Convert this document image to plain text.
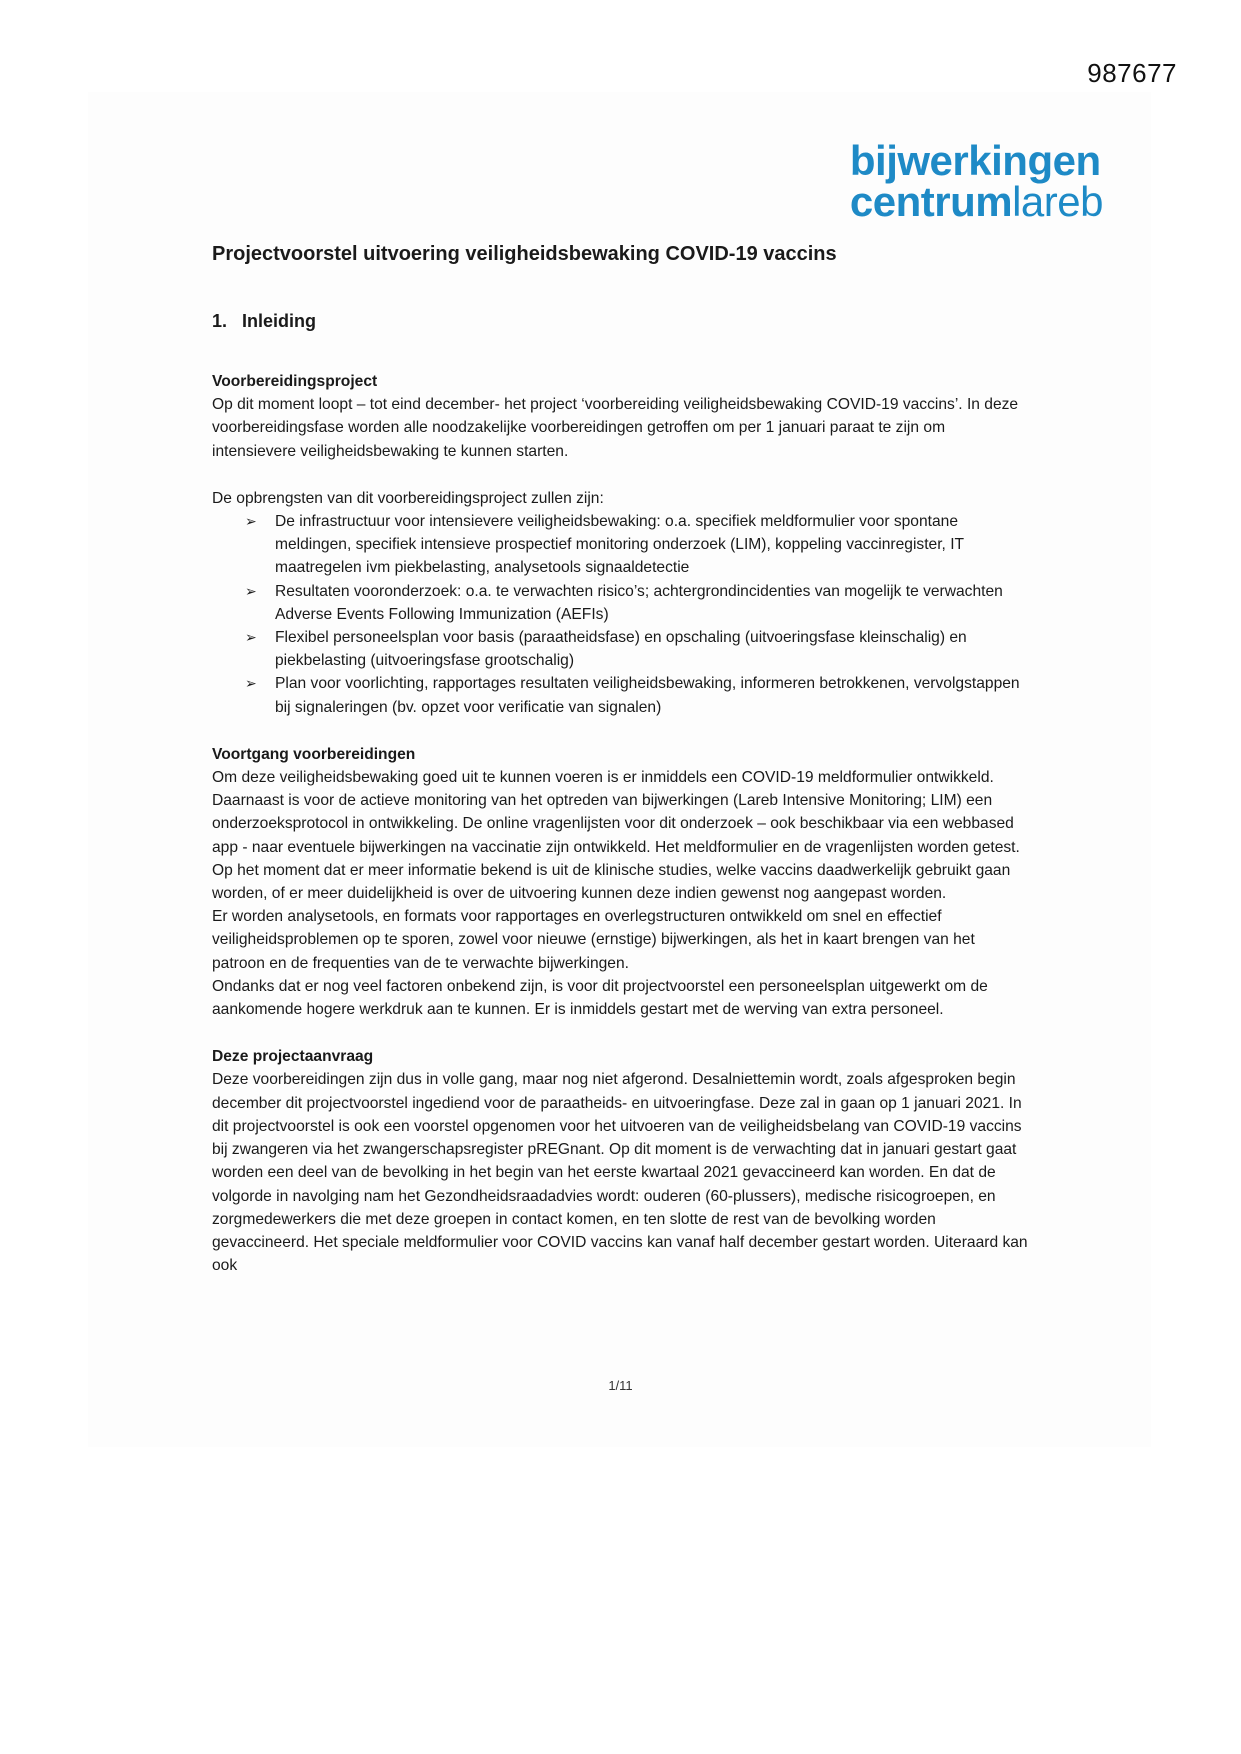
987677
bijwerkingen
centrumlareb
Projectvoorstel uitvoering veiligheidsbewaking COVID-19 vaccins
1. Inleiding
Voorbereidingsproject

Op dit moment loopt – tot eind december- het project ‘voorbereiding veiligheidsbewaking COVID-19 vaccins’. In deze voorbereidingsfase worden alle noodzakelijke voorbereidingen getroffen om per 1 januari paraat te zijn om intensievere veiligheidsbewaking te kunnen starten.

De opbrengsten van dit voorbereidingsproject zullen zijn:

➢ De infrastructuur voor intensievere veiligheidsbewaking: o.a. specifiek meldformulier voor spontane meldingen, specifiek intensieve prospectief monitoring onderzoek (LIM), koppeling vaccinregister, IT maatregelen ivm piekbelasting, analysetools signaaldetectie
➢ Resultaten vooronderzoek: o.a. te verwachten risico’s; achtergrondincidenties van mogelijk te verwachten Adverse Events Following Immunization (AEFIs)
➢ Flexibel personeelsplan voor basis (paraatheidsfase) en opschaling (uitvoeringsfase kleinschalig) en piekbelasting (uitvoeringsfase grootschalig)
➢ Plan voor voorlichting, rapportages resultaten veiligheidsbewaking, informeren betrokkenen, vervolgstappen bij signaleringen (bv. opzet voor verificatie van signalen)
Voortgang voorbereidingen

Om deze veiligheidsbewaking goed uit te kunnen voeren is er inmiddels een COVID-19 meldformulier ontwikkeld. Daarnaast is voor de actieve monitoring van het optreden van bijwerkingen (Lareb Intensive Monitoring; LIM) een onderzoeksprotocol in ontwikkeling. De online vragenlijsten voor dit onderzoek – ook beschikbaar via een webbased app - naar eventuele bijwerkingen na vaccinatie zijn ontwikkeld. Het meldformulier en de vragenlijsten worden getest. Op het moment dat er meer informatie bekend is uit de klinische studies, welke vaccins daadwerkelijk gebruikt gaan worden, of er meer duidelijkheid is over de uitvoering kunnen deze indien gewenst nog aangepast worden.

Er worden analysetools, en formats voor rapportages en overlegstructuren ontwikkeld om snel en effectief veiligheidsproblemen op te sporen, zowel voor nieuwe (ernstige) bijwerkingen, als het in kaart brengen van het patroon en de frequenties van de te verwachte bijwerkingen.

Ondanks dat er nog veel factoren onbekend zijn, is voor dit projectvoorstel een personeelsplan uitgewerkt om de aankomende hogere werkdruk aan te kunnen. Er is inmiddels gestart met de werving van extra personeel.

Deze projectaanvraag

Deze voorbereidingen zijn dus in volle gang, maar nog niet afgerond. Desalniettemin wordt, zoals afgesproken begin december dit projectvoorstel ingediend voor de paraatheids- en uitvoeringfase. Deze zal in gaan op 1 januari 2021. In dit projectvoorstel is ook een voorstel opgenomen voor het uitvoeren van de veiligheidsbelang van COVID-19 vaccins bij zwangeren via het zwangerschapsregister pREGnant. Op dit moment is de verwachting dat in januari gestart gaat worden een deel van de bevolking in het begin van het eerste kwartaal 2021 gevaccineerd kan worden. En dat de volgorde in navolging nam het Gezondheidsraadadvies wordt: ouderen (60-plussers), medische risicogroepen, en zorgmedewerkers die met deze groepen in contact komen, en ten slotte de rest van de bevolking worden gevaccineerd. Het speciale meldformulier voor COVID vaccins kan vanaf half december gestart worden. Uiteraard kan ook

1/11
